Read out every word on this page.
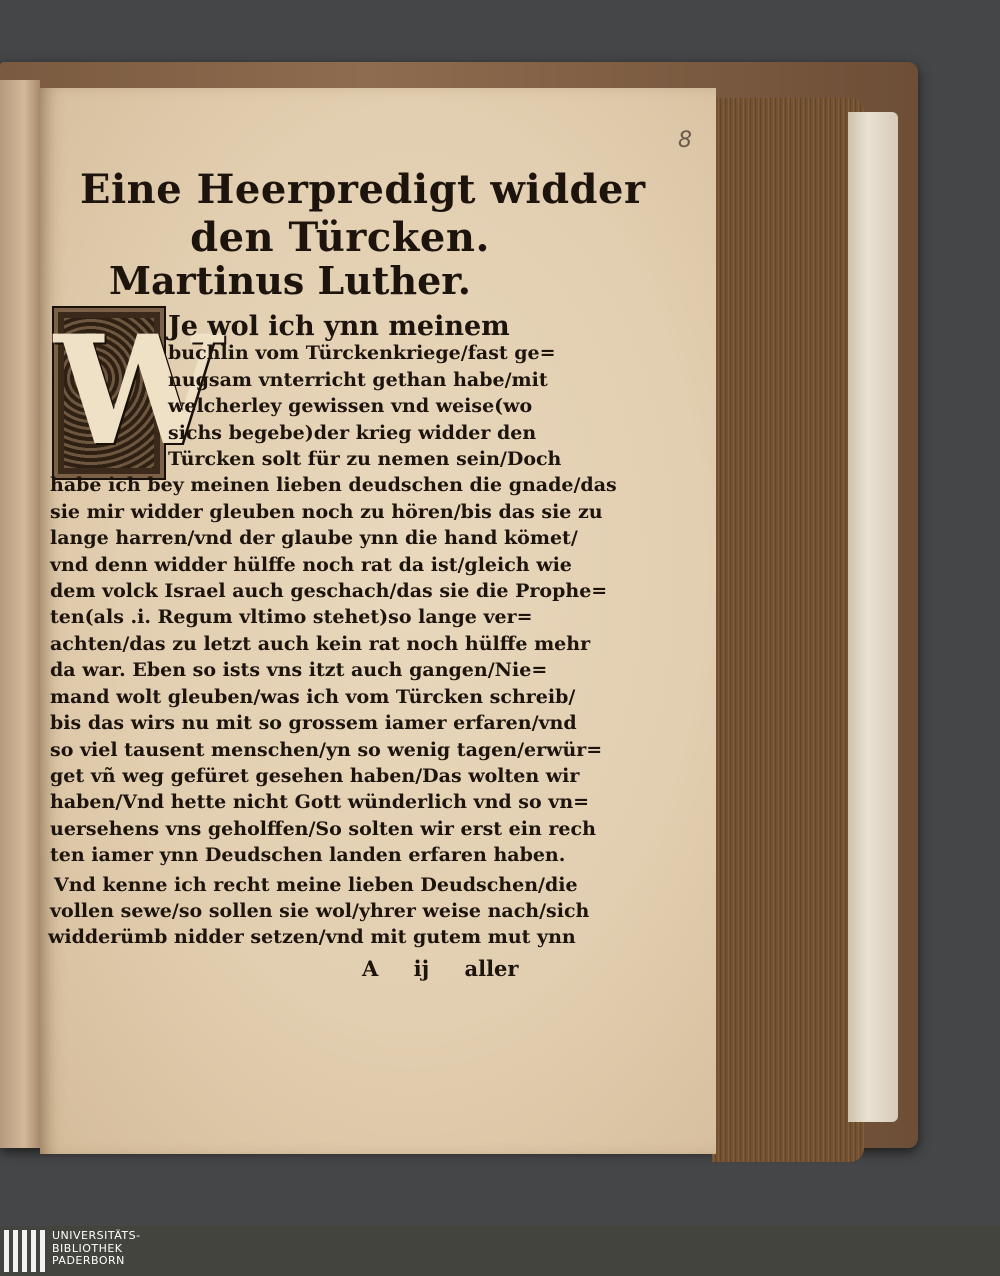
8
Eine Heerpredigt widder
den Türcken.
Martinus Luther.
W
Je wol ich ynn meinem
buchlin vom Türckenkriege/fast ge=
nugsam vnterricht gethan habe/mit
welcherley gewissen vnd weise(wo
sichs begebe)der krieg widder den
Türcken solt für zu nemen sein/Doch
habe ich bey meinen lieben deudschen die gnade/das
sie mir widder gleuben noch zu hören/bis das sie zu
lange harren/vnd der glaube ynn die hand kömet/
vnd denn widder hülffe noch rat da ist/gleich wie
dem volck Israel auch geschach/das sie die Prophe=
ten(als .i. Regum vltimo stehet)so lange ver=
achten/das zu letzt auch kein rat noch hülffe mehr
da war. Eben so ists vns itzt auch gangen/Nie=
mand wolt gleuben/was ich vom Türcken schreib/
bis das wirs nu mit so grossem iamer erfaren/vnd
so viel tausent menschen/yn so wenig tagen/erwür=
get vñ weg gefüret gesehen haben/Das wolten wir
haben/Vnd hette nicht Gott wünderlich vnd so vn=
uersehens vns geholffen/So solten wir erst ein rech
ten iamer ynn Deudschen landen erfaren haben.
Vnd kenne ich recht meine lieben Deudschen/die
vollen sewe/so sollen sie wol/yhrer weise nach/sich
widderümb nidder setzen/vnd mit gutem mut ynn
A ij aller
UNIVERSITÄTS-
BIBLIOTHEK
PADERBORN
